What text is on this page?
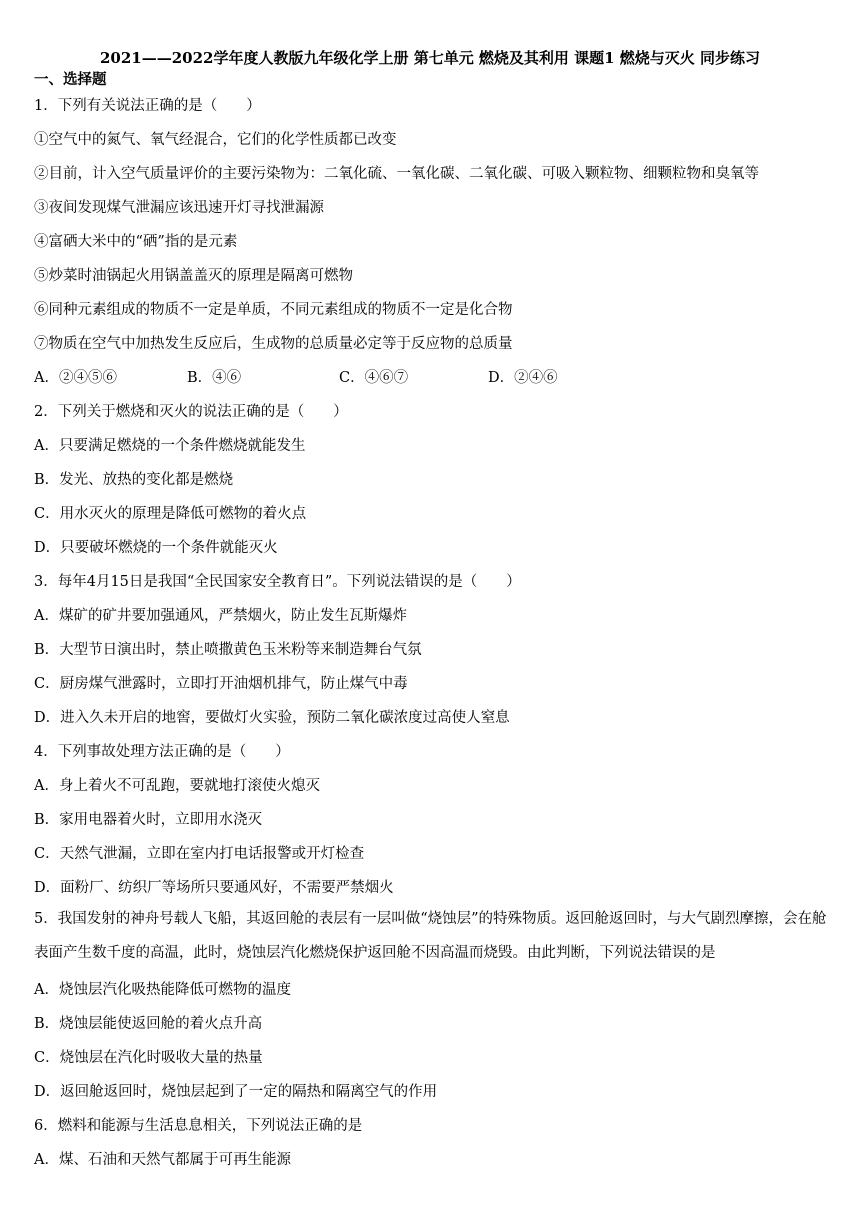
2021——2022学年度人教版九年级化学上册 第七单元 燃烧及其利用 课题1 燃烧与灭火 同步练习
一、选择题
1．下列有关说法正确的是（　　）
①空气中的氮气、氧气经混合，它们的化学性质都已改变
②目前，计入空气质量评价的主要污染物为：二氧化硫、一氧化碳、二氧化碳、可吸入颗粒物、细颗粒物和臭氧等
③夜间发现煤气泄漏应该迅速开灯寻找泄漏源
④富硒大米中的“硒”指的是元素
⑤炒菜时油锅起火用锅盖盖灭的原理是隔离可燃物
⑥同种元素组成的物质不一定是单质，不同元素组成的物质不一定是化合物
⑦物质在空气中加热发生反应后，生成物的总质量必定等于反应物的总质量
A．②④⑤⑥	B．④⑥	C．④⑥⑦	D．②④⑥
2．下列关于燃烧和灭火的说法正确的是（　　）
A．只要满足燃烧的一个条件燃烧就能发生
B．发光、放热的变化都是燃烧
C．用水灭火的原理是降低可燃物的着火点
D．只要破坏燃烧的一个条件就能灭火
3．每年4月15日是我国“全民国家安全教育日”。下列说法错误的是（　　）
A．煤矿的矿井要加强通风，严禁烟火，防止发生瓦斯爆炸
B．大型节日演出时，禁止喷撒黄色玉米粉等来制造舞台气氛
C．厨房煤气泄露时，立即打开油烟机排气，防止煤气中毒
D．进入久未开启的地窖，要做灯火实验，预防二氧化碳浓度过高使人窒息
4．下列事故处理方法正确的是（　　）
A．身上着火不可乱跑，要就地打滚使火熄灭
B．家用电器着火时，立即用水浇灭
C．天然气泄漏，立即在室内打电话报警或开灯检查
D．面粉厂、纺织厂等场所只要通风好，不需要严禁烟火
5．我国发射的神舟号载人飞船，其返回舱的表层有一层叫做“烧蚀层”的特殊物质。返回舱返回时，与大气剧烈摩擦，会在舱表面产生数千度的高温，此时，烧蚀层汽化燃烧保护返回舱不因高温而烧毁。由此判断，下列说法错误的是
A．烧蚀层汽化吸热能降低可燃物的温度
B．烧蚀层能使返回舱的着火点升高
C．烧蚀层在汽化时吸收大量的热量
D．返回舱返回时，烧蚀层起到了一定的隔热和隔离空气的作用
6．燃料和能源与生活息息相关，下列说法正确的是
A．煤、石油和天然气都属于可再生能源
